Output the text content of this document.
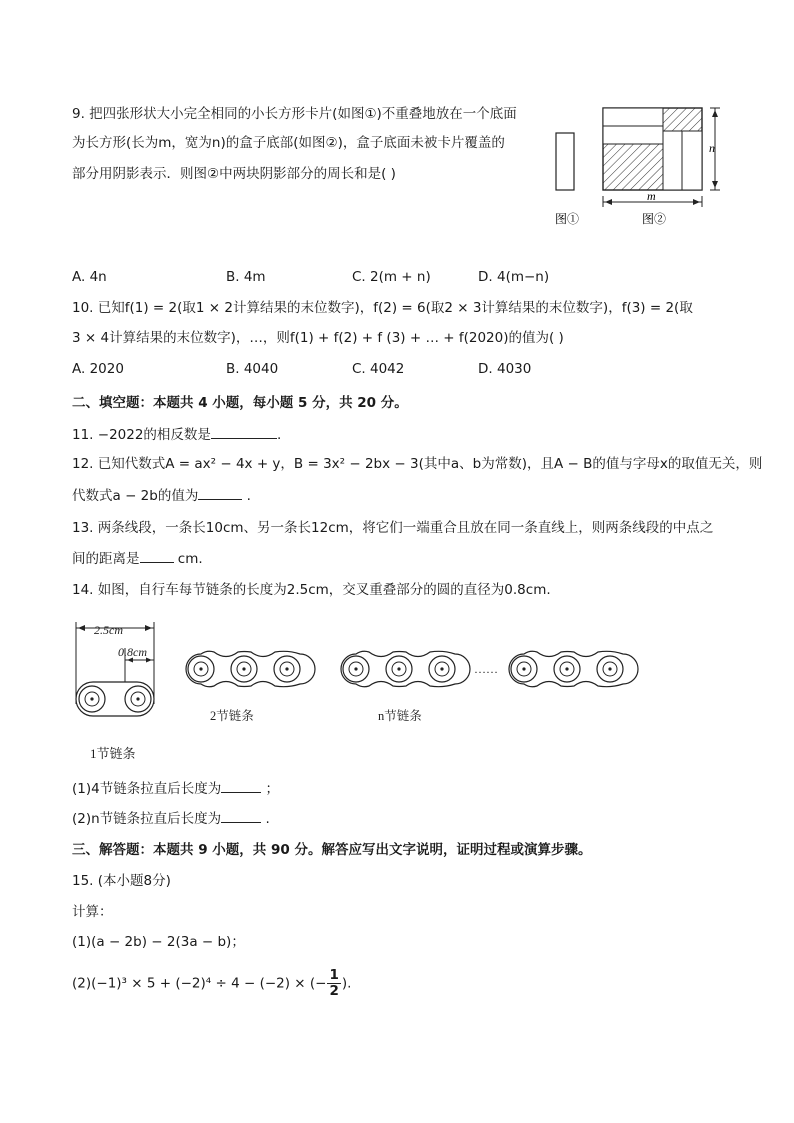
9. 把四张形状大小完全相同的小长方形卡片(如图①)不重叠地放在一个底面
为长方形(长为m，宽为n)的盒子底部(如图②)，盒子底面未被卡片覆盖的
部分用阴影表示．则图②中两块阴影部分的周长和是( )
n
m
图①	图②
A. 4n	B. 4m	C. 2(m + n)	D. 4(m−n)
10. 已知f(1) = 2(取1 × 2计算结果的末位数字)，f(2) = 6(取2 × 3计算结果的末位数字)，f(3) = 2(取
3 × 4计算结果的末位数字)，…，则f(1) + f(2) + f (3) + … + f(2020)的值为( )
A. 2020	B. 4040	C. 4042	D. 4030
二、填空题：本题共 4 小题，每小题 5 分，共 20 分。
11. −2022的相反数是	.
12. 已知代数式A = ax² − 4x + y，B = 3x² − 2bx − 3(其中a、b为常数)，且A − B的值与字母x的取值无关，则
代数式a − 2b的值为	.
13. 两条线段，一条长10cm、另一条长12cm，将它们一端重合且放在同一条直线上，则两条线段的中点之
间的距离是	cm.
14. 如图，自行车每节链条的长度为2.5cm，交叉重叠部分的圆的直径为0.8cm.
2.5cm
0.8cm
……
2节链条	n节链条
1节链条
(1)4节链条拉直后长度为	；
(2)n节链条拉直后长度为	.
三、解答题：本题共 9 小题，共 90 分。解答应写出文字说明，证明过程或演算步骤。
15. (本小题8分)
计算：
(1)(a − 2b) − 2(3a − b)；
(2)(−1)³ × 5 + (−2)⁴ ÷ 4 − (−2) × (− $\frac{1}{2}$ ).
